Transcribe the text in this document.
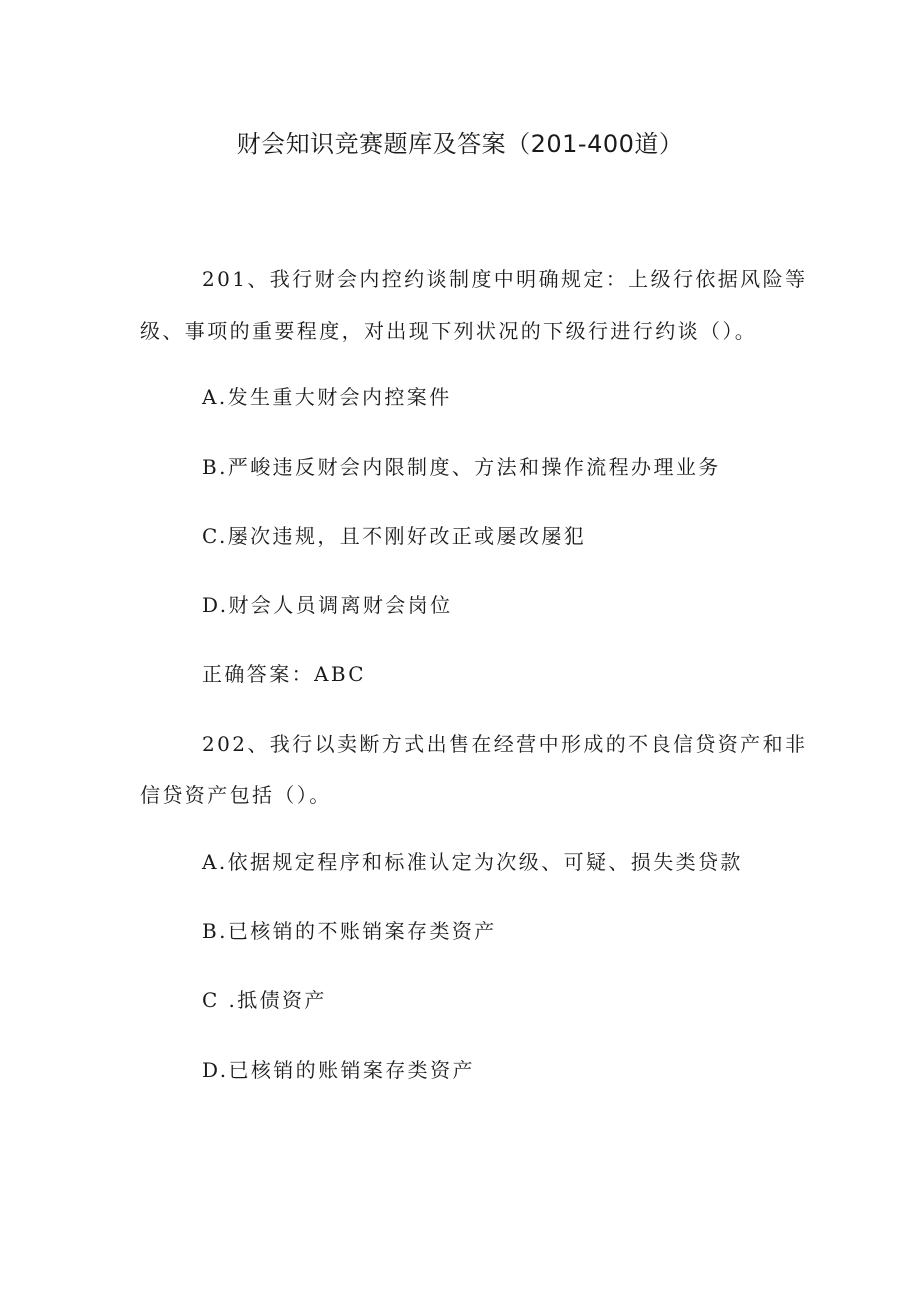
财会知识竞赛题库及答案（201-400道）
201、我行财会内控约谈制度中明确规定：上级行依据风险等
级、事项的重要程度，对出现下列状况的下级行进行约谈（）。
A.发生重大财会内控案件
B.严峻违反财会内限制度、方法和操作流程办理业务
C.屡次违规，且不刚好改正或屡改屡犯
D.财会人员调离财会岗位
正确答案：ABC
202、我行以卖断方式出售在经营中形成的不良信贷资产和非
信贷资产包括（）。
A.依据规定程序和标准认定为次级、可疑、损失类贷款
B.已核销的不账销案存类资产
C .抵债资产
D.已核销的账销案存类资产
